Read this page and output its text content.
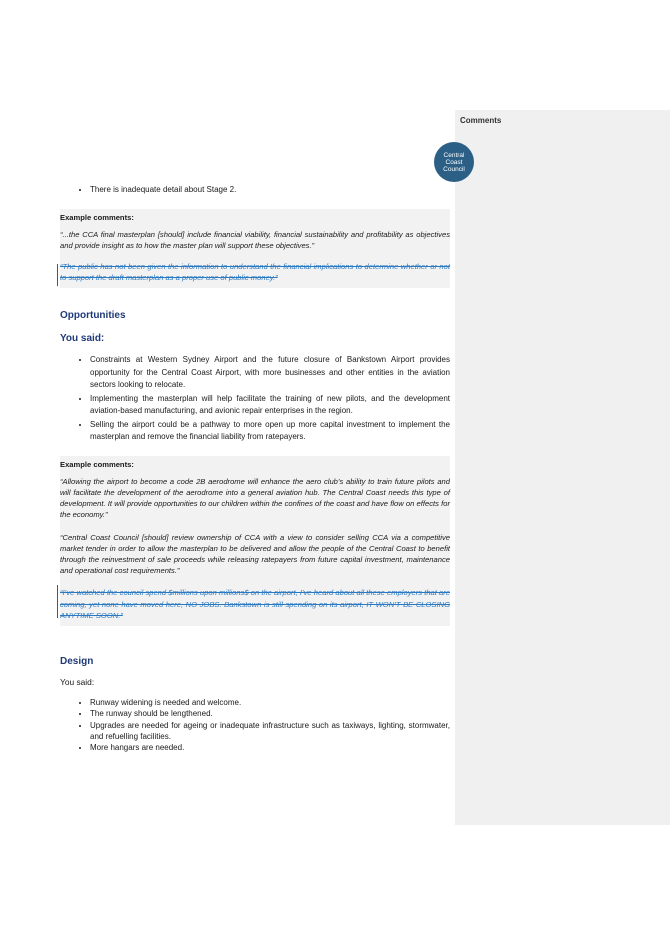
Comments
Central
Coast
Council
• There is inadequate detail about Stage 2.

Example comments:

“...the CCA final masterplan [should] include financial viability, financial sustainability and profitability as objectives and provide insight as to how the master plan will support these objectives.”

“The public has not been given the information to understand the financial implications to determine whether or not to support the draft masterplan as a proper use of public money.”

Opportunities

You said:

• Constraints at Western Sydney Airport and the future closure of Bankstown Airport provides opportunity for the Central Coast Airport, with more businesses and other entities in the aviation sectors looking to relocate.
• Implementing the masterplan will help facilitate the training of new pilots, and the development aviation-based manufacturing, and avionic repair enterprises in the region.
• Selling the airport could be a pathway to more open up more capital investment to implement the masterplan and remove the financial liability from ratepayers.

Example comments:

“Allowing the airport to become a code 2B aerodrome will enhance the aero club’s ability to train future pilots and will facilitate the development of the aerodrome into a general aviation hub. The Central Coast needs this type of development. It will provide opportunities to our children within the confines of the coast and have flow on effects for the economy.”

“Central Coast Council [should] review ownership of CCA with a view to consider selling CCA via a competitive market tender in order to allow the masterplan to be delivered and allow the people of the Central Coast to benefit through the reinvestment of sale proceeds while releasing ratepayers from future capital investment, maintenance and operational cost requirements.”

“I’ve watched the council spend $millions upon millions$ on the airport, I’ve heard about all these employers that are coming, yet none have moved here, NO JOBS. Bankstown is still spending on its airport, IT WON’T BE CLOSING ANYTIME SOON.”

Design

You said:

• Runway widening is needed and welcome.
• The runway should be lengthened.
• Upgrades are needed for ageing or inadequate infrastructure such as taxiways, lighting, stormwater, and refuelling facilities.
• More hangars are needed.
